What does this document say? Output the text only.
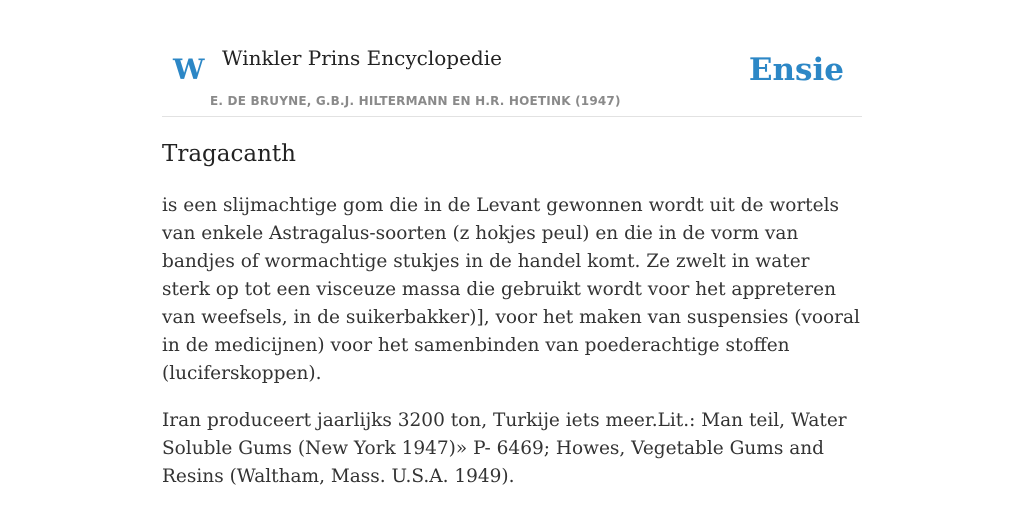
W Winkler Prins Encyclopedie
E. DE BRUYNE, G.B.J. HILTERMANN EN H.R. HOETINK (1947)
Ensie
Tragacanth

is een slijmachtige gom die in de Levant gewonnen wordt uit de wortels van enkele Astragalus-soorten (z hokjes peul) en die in de vorm van bandjes of wormachtige stukjes in de handel komt. Ze zwelt in water sterk op tot een visceuze massa die gebruikt wordt voor het appreteren van weefsels, in de suikerbakker)], voor het maken van suspensies (vooral in de medicijnen) voor het samenbinden van poederachtige stoffen (luciferskoppen).

Iran produceert jaarlijks 3200 ton, Turkije iets meer.Lit.: Man teil, Water Soluble Gums (New York 1947)» P- 6469; Howes, Vegetable Gums and Resins (Waltham, Mass. U.S.A. 1949).
